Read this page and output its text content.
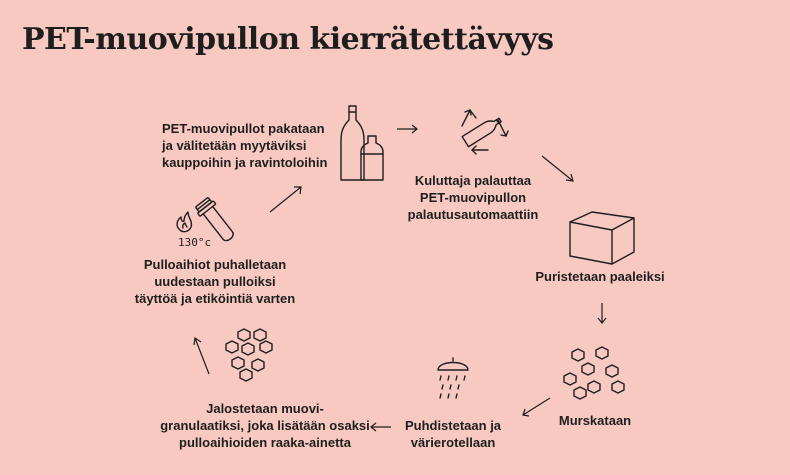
PET-muovipullon kierrätettävyys
PET-muovipullot pakataan
ja välitetään myytäviksi
kauppoihin ja ravintoloihin
Kuluttaja palauttaa
PET-muovipullon
palautusautomaattiin
Puristetaan paaleiksi
Murskataan
Puhdistetaan ja
värierotellaan
Jalostetaan muovi-
granulaatiksi, joka lisätään osaksi
pulloaihioiden raaka-ainetta
130°c
Pulloaihiot puhalletaan
uudestaan pulloiksi
täyttöä ja etiköintiä varten
